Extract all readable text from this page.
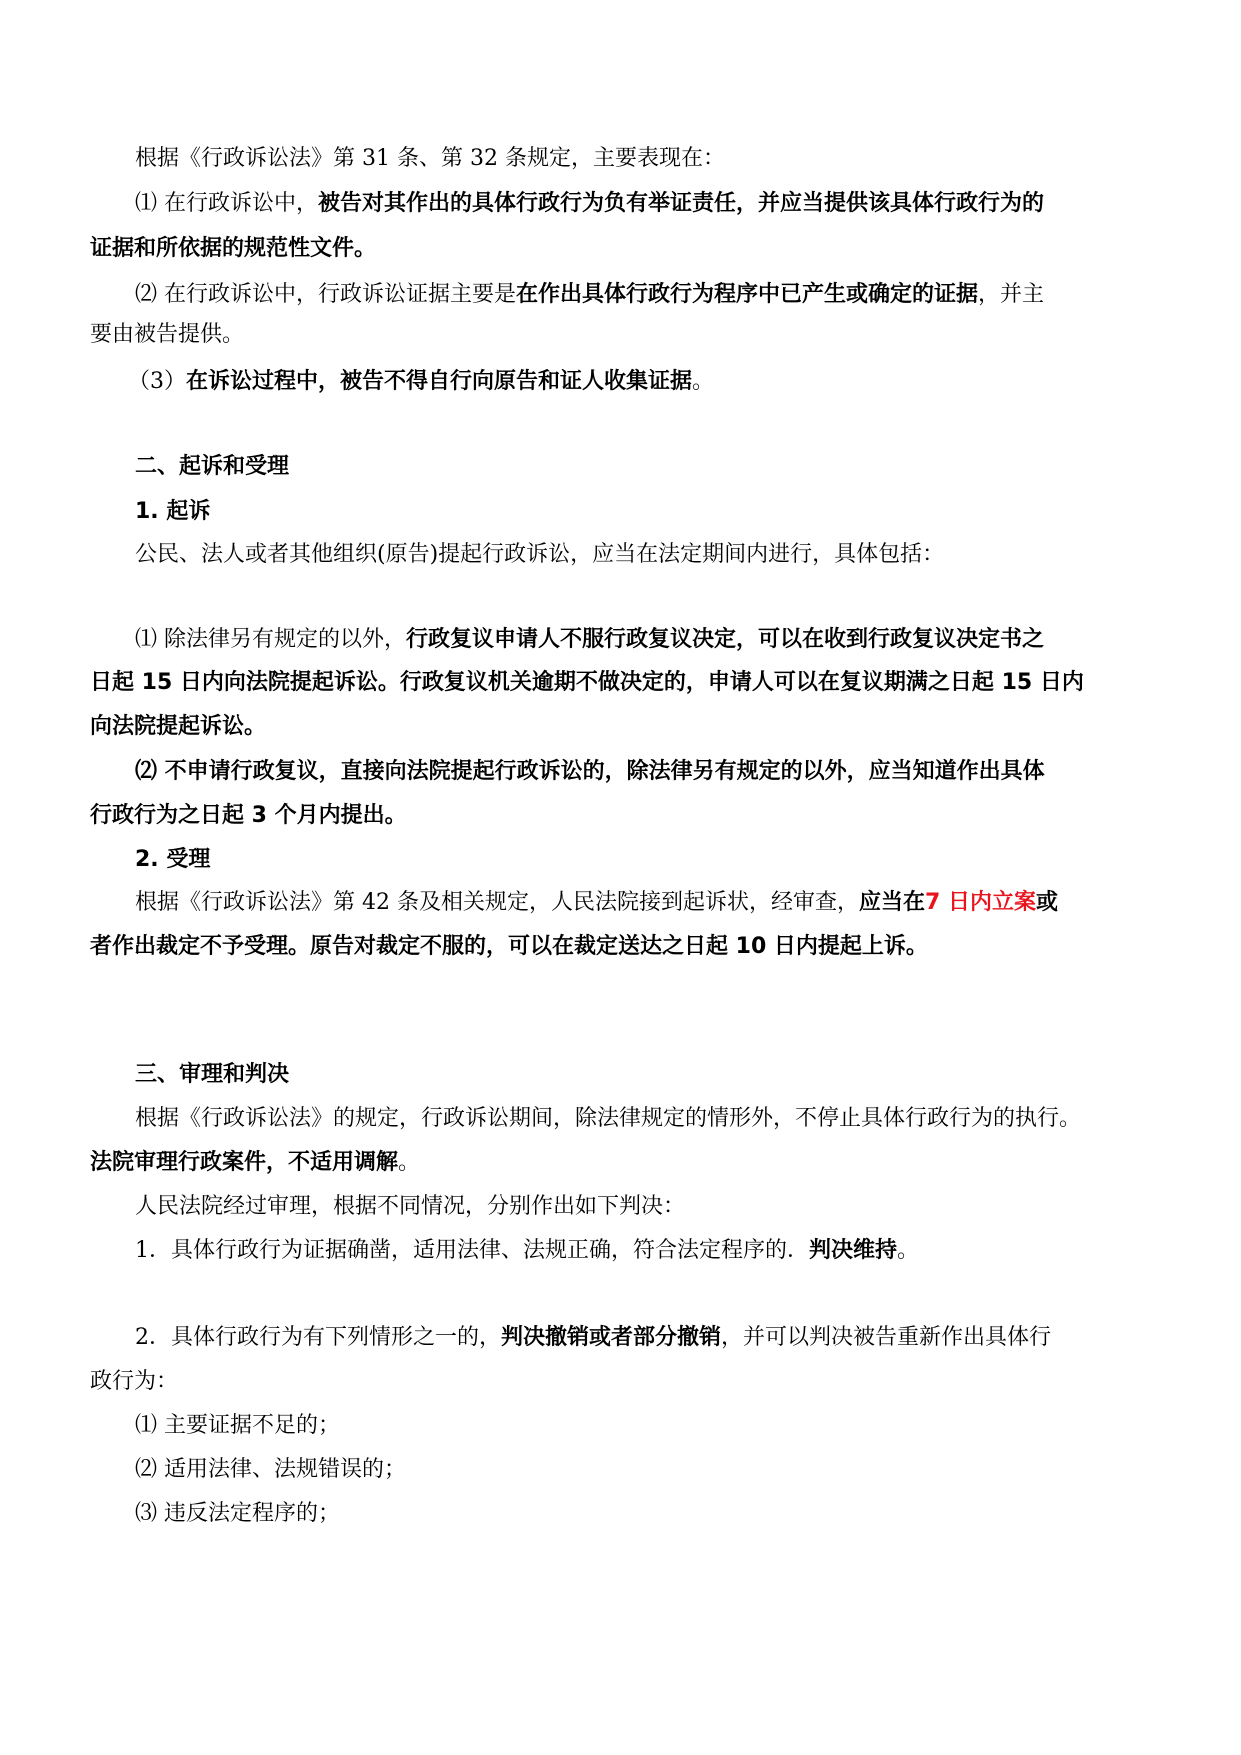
根据《行政诉讼法》第 31 条、第 32 条规定，主要表现在：
⑴ 在行政诉讼中，被告对其作出的具体行政行为负有举证责任，并应当提供该具体行政行为的
证据和所依据的规范性文件。
⑵ 在行政诉讼中，行政诉讼证据主要是在作出具体行政行为程序中已产生或确定的证据，并主
要由被告提供。
（3）在诉讼过程中，被告不得自行向原告和证人收集证据。
二、起诉和受理
1. 起诉
公民、法人或者其他组织(原告)提起行政诉讼，应当在法定期间内进行，具体包括：
⑴ 除法律另有规定的以外，行政复议申请人不服行政复议决定，可以在收到行政复议决定书之
日起 15 日内向法院提起诉讼。行政复议机关逾期不做决定的，申请人可以在复议期满之日起 15 日内
向法院提起诉讼。
⑵ 不申请行政复议，直接向法院提起行政诉讼的，除法律另有规定的以外，应当知道作出具体
行政行为之日起 3 个月内提出。
2. 受理
根据《行政诉讼法》第 42 条及相关规定，人民法院接到起诉状，经审查，应当在7 日内立案或
者作出裁定不予受理。原告对裁定不服的，可以在裁定送达之日起 10 日内提起上诉。
三、审理和判决
根据《行政诉讼法》的规定，行政诉讼期间，除法律规定的情形外，不停止具体行政行为的执行。
法院审理行政案件，不适用调解。
人民法院经过审理，根据不同情况，分别作出如下判决：
1．具体行政行为证据确凿，适用法律、法规正确，符合法定程序的．判决维持。
2．具体行政行为有下列情形之一的，判决撤销或者部分撤销，并可以判决被告重新作出具体行
政行为：
⑴ 主要证据不足的；
⑵ 适用法律、法规错误的；
⑶ 违反法定程序的；
